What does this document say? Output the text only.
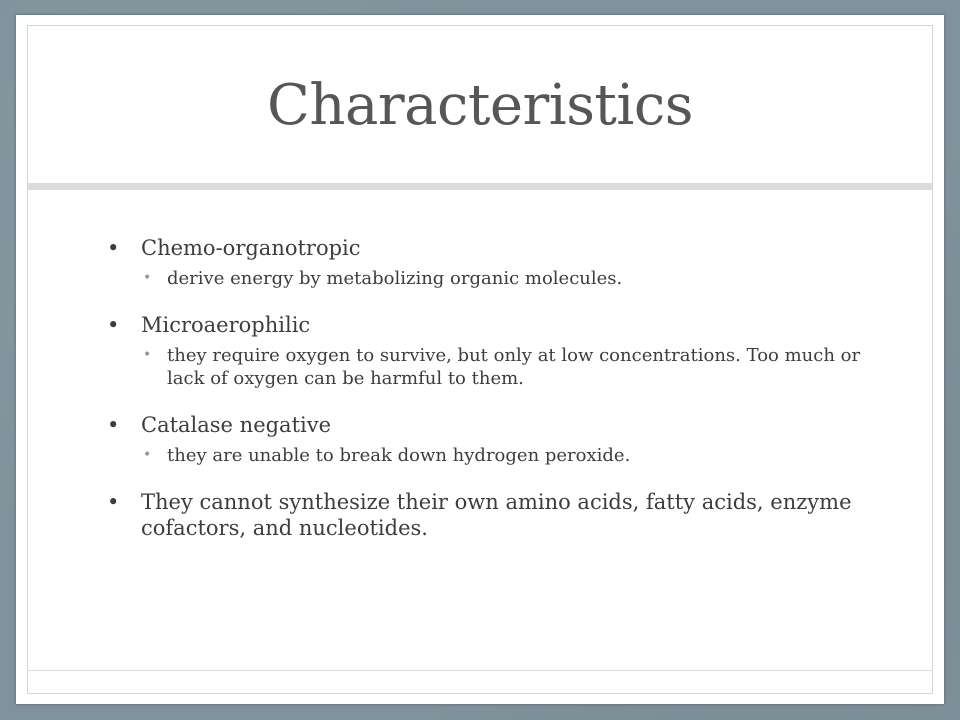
Characteristics
• Chemo-organotropic
• derive energy by metabolizing organic molecules.
• Microaerophilic
• they require oxygen to survive, but only at low concentrations. Too much or lack of oxygen can be harmful to them.
• Catalase negative
• they are unable to break down hydrogen peroxide.
• They cannot synthesize their own amino acids, fatty acids, enzyme cofactors, and nucleotides.
